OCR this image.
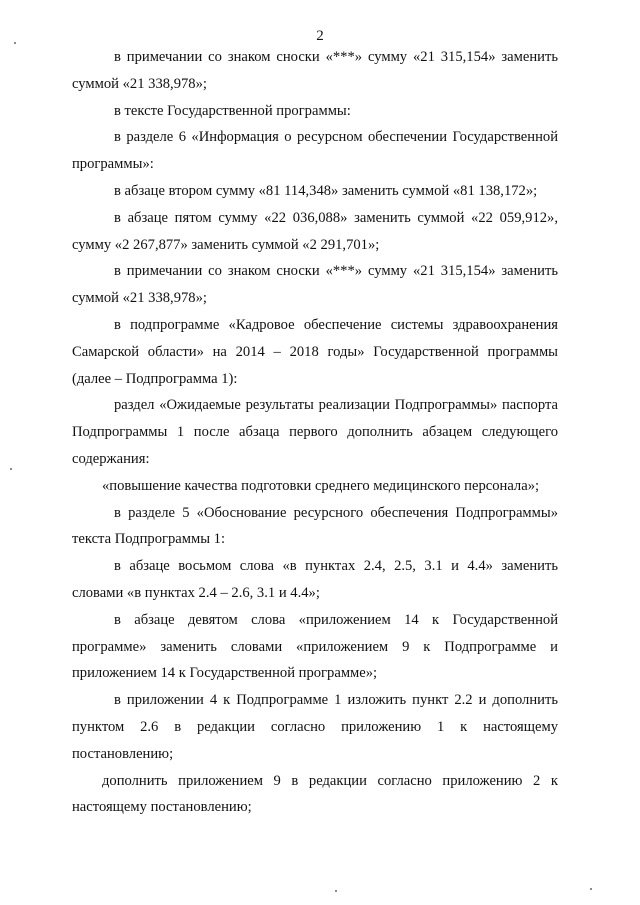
2

в примечании со знаком сноски «***» сумму «21 315,154» заменить суммой «21 338,978»;

в тексте Государственной программы:

в разделе 6 «Информация о ресурсном обеспечении Государственной программы»:

в абзаце втором сумму «81 114,348» заменить суммой «81 138,172»;

в абзаце пятом сумму «22 036,088» заменить суммой «22 059,912», сумму «2 267,877» заменить суммой «2 291,701»;

в примечании со знаком сноски «***» сумму «21 315,154» заменить суммой «21 338,978»;

в подпрограмме «Кадровое обеспечение системы здравоохранения Самарской области» на 2014 – 2018 годы» Государственной программы (далее – Подпрограмма 1):

раздел «Ожидаемые результаты реализации Подпрограммы» паспорта Подпрограммы 1 после абзаца первого дополнить абзацем следующего содержания:

«повышение качества подготовки среднего медицинского персонала»;

в разделе 5 «Обоснование ресурсного обеспечения Подпрограммы» текста Подпрограммы 1:

в абзаце восьмом слова «в пунктах 2.4, 2.5, 3.1 и 4.4» заменить словами «в пунктах 2.4 – 2.6, 3.1 и 4.4»;

в абзаце девятом слова «приложением 14 к Государственной программе» заменить словами «приложением 9 к Подпрограмме и приложением 14 к Государственной программе»;

в приложении 4 к Подпрограмме 1 изложить пункт 2.2 и дополнить пунктом 2.6 в редакции согласно приложению 1 к настоящему постановлению;

дополнить приложением 9 в редакции согласно приложению 2 к настоящему постановлению;
